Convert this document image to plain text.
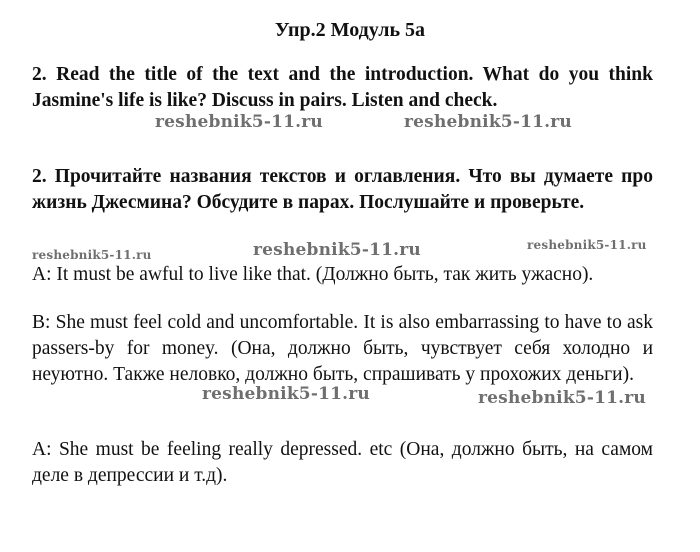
Упр.2 Модуль 5а
2. Read the title of the text and the introduction. What do you think Jasmine's life is like? Discuss in pairs. Listen and check.
reshebnik5-11.ru	reshebnik5-11.ru
2. Прочитайте названия текстов и оглавления. Что вы думаете про жизнь Джесмина? Обсудите в парах. Послушайте и проверьте.
reshebnik5-11.ru	reshebnik5-11.ru	reshebnik5-11.ru
A: It must be awful to live like that. (Должно быть, так жить ужасно).
B: She must feel cold and uncomfortable. It is also embarrassing to have to ask passers-by for money. (Она, должно быть, чувствует себя холодно и неуютно. Также неловко, должно быть, спрашивать у прохожих деньги).
reshebnik5-11.ru	reshebnik5-11.ru
A: She must be feeling really depressed. etc (Она, должно быть, на самом деле в депрессии и т.д).
